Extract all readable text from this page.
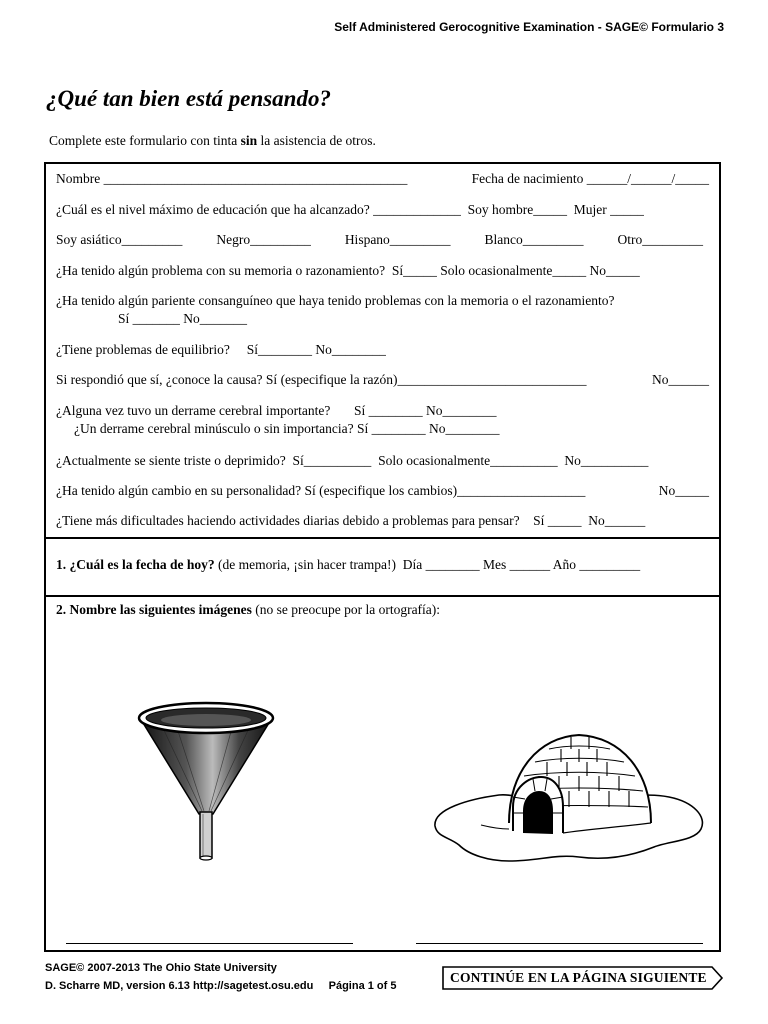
Self Administered Gerocognitive Examination - SAGE© Formulario 3
¿Qué tan bien está pensando?
Complete este formulario con tinta sin la asistencia de otros.
Nombre _____________________________________________	Fecha de nacimiento ______/______/_____
¿Cuál es el nivel máximo de educación que ha alcanzado? _____________ Soy hombre_____ Mujer _____
Soy asiático_________	Negro_________	Hispano_________	Blanco_________	Otro_________
¿Ha tenido algún problema con su memoria o razonamiento? Sí_____ Solo ocasionalmente_____ No_____
¿Ha tenido algún pariente consanguíneo que haya tenido problemas con la memoria o el razonamiento?
Sí _______ No_______
¿Tiene problemas de equilibrio? Sí________ No________
Si respondió que sí, ¿conoce la causa? Sí (especifique la razón)____________________________	No______
¿Alguna vez tuvo un derrame cerebral importante? Sí ________ No________
¿Un derrame cerebral minúsculo o sin importancia? Sí ________ No________
¿Actualmente se siente triste o deprimido? Sí__________ Solo ocasionalmente__________ No__________
¿Ha tenido algún cambio en su personalidad? Sí (especifique los cambios)___________________	No_____
¿Tiene más dificultades haciendo actividades diarias debido a problemas para pensar? Sí _____ No______
1. ¿Cuál es la fecha de hoy? (de memoria, ¡sin hacer trampa!) Día ________ Mes ______ Año _________
2. Nombre las siguientes imágenes (no se preocupe por la ortografía):
SAGE© 2007-2013 The Ohio State University
D. Scharre MD, version 6.13 http://sagetest.osu.edu     Página 1 of 5
CONTINÚE EN LA PÁGINA SIGUIENTE
